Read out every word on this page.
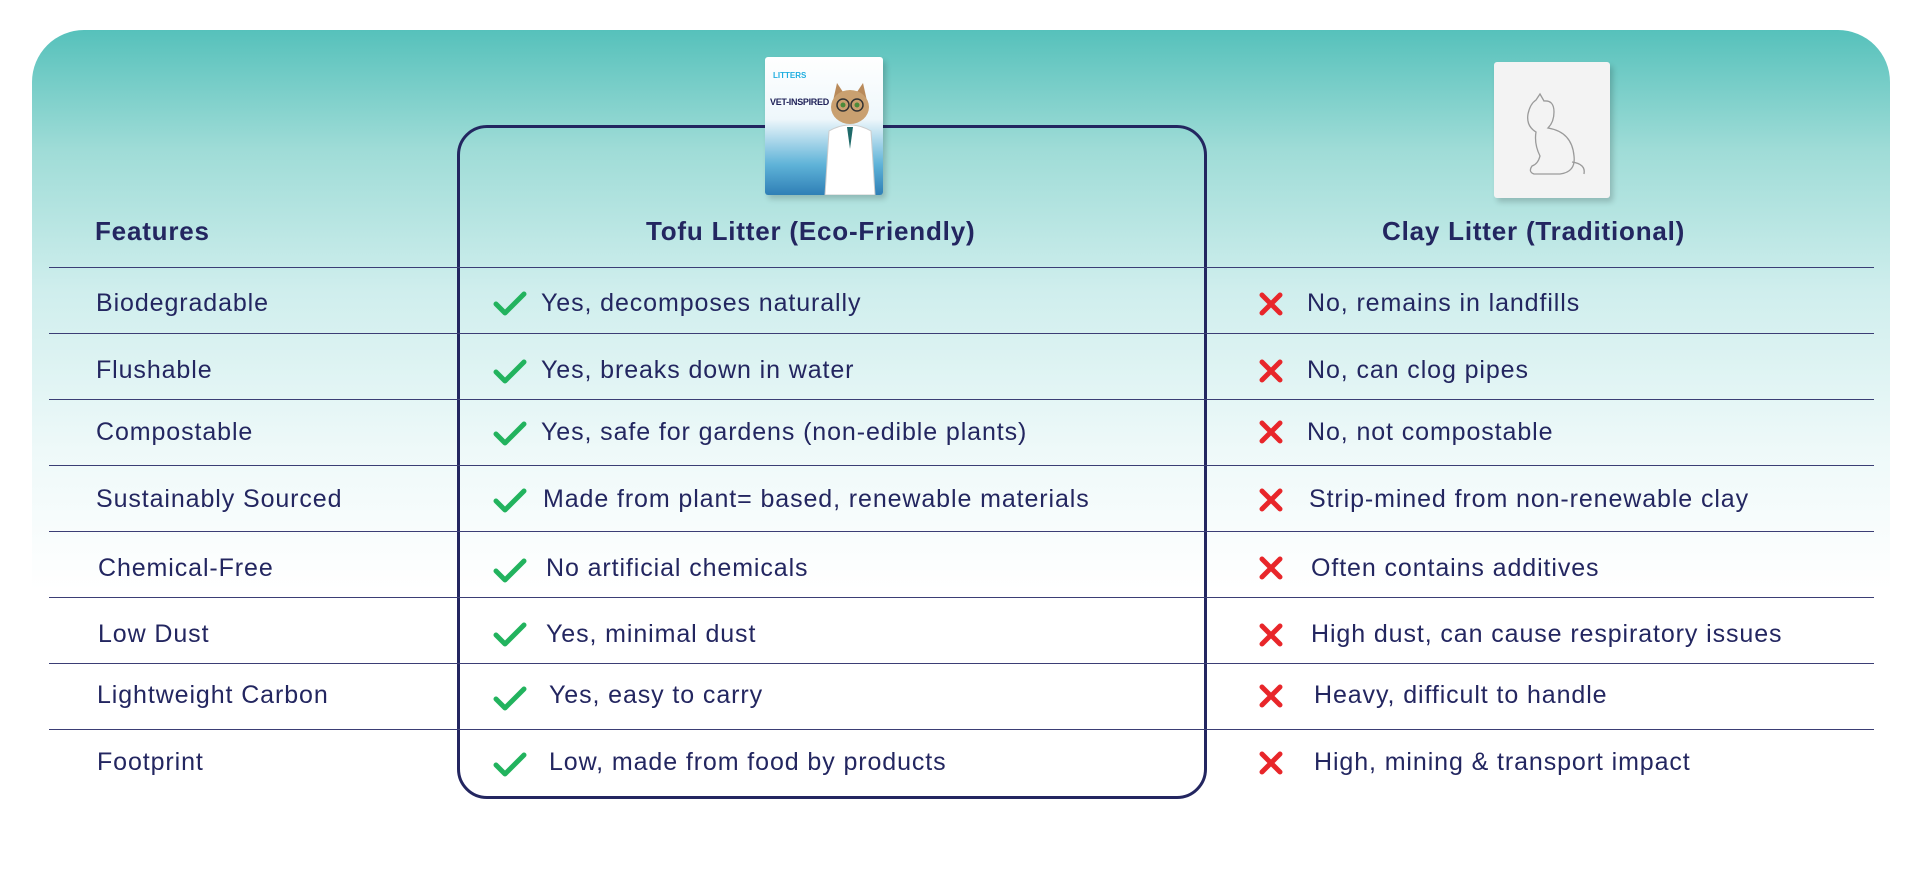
LITTERS
VET-INSPIRED
Features	Tofu Litter (Eco-Friendly)	Clay Litter (Traditional)
Biodegradable	Yes, decomposes naturally	No, remains in landfills
Flushable	Yes, breaks down in water	No, can clog pipes
Compostable	Yes, safe for gardens (non-edible plants)	No, not compostable
Sustainably Sourced	Made from plant= based, renewable materials	Strip-mined from non-renewable clay
Chemical-Free	No artificial chemicals	Often contains additives
Low Dust	Yes, minimal dust	High dust, can cause respiratory issues
Lightweight Carbon	Yes, easy to carry	Heavy, difficult to handle
Footprint	Low, made from food by products	High, mining & transport impact
